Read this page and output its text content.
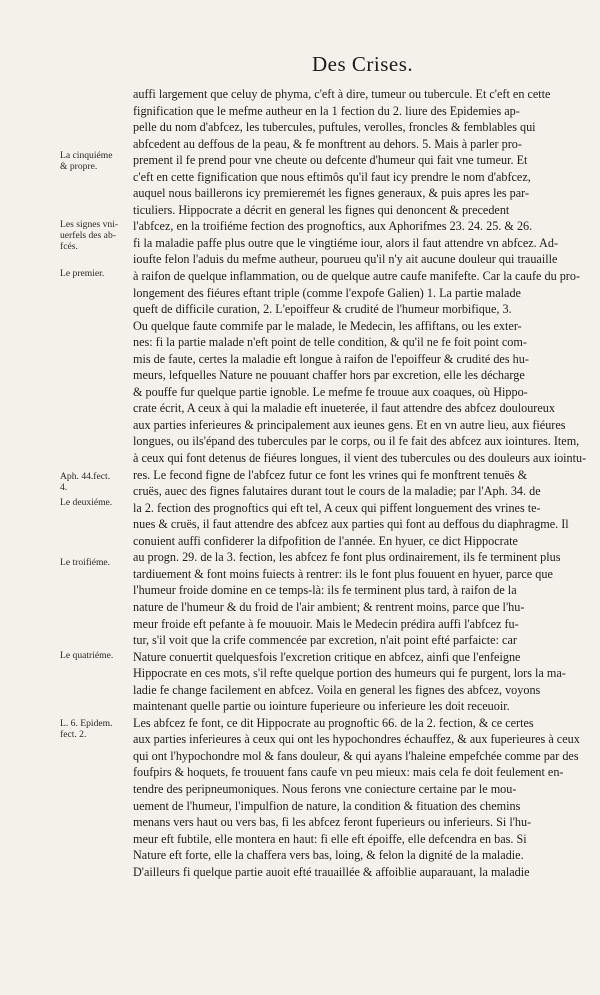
Des Crises.
La cinquiéme
& propre.
Les signes vni-
uerfels des ab-
fcés.
Le premier.
Aph. 44.fect.
4.
Le deuxiéme.
Le troifiéme.
Le quatriéme.
L. 6. Epidem.
fect. 2.
auffi largement que celuy de phyma, c'eft à dire, tumeur ou tubercule. Et c'eft en cette
fignification que le mefme autheur en la 1 fection du 2. liure des Epidemies ap-
pelle du nom d'abfcez, les tubercules, puftules, verolles, froncles & femblables qui
abfcedent au deffous de la peau, & fe monftrent au dehors. 5. Mais à parler pro-
prement il fe prend pour vne cheute ou defcente d'humeur qui fait vne tumeur. Et
c'eft en cette fignification que nous eftimôs qu'il faut icy prendre le nom d'abfcez,
auquel nous baillerons icy premieremét les fignes generaux, & puis apres les par-
ticuliers. Hippocrate a décrit en general les fignes qui denoncent & precedent
l'abfcez, en la troifiéme fection des prognoftics, aux Aphorifmes 23. 24. 25. & 26.
fi la maladie paffe plus outre que le vingtiéme iour, alors il faut attendre vn abfcez. Ad-
ioufte felon l'aduis du mefme autheur, pourueu qu'il n'y ait aucune douleur qui trauaille
à raifon de quelque inflammation, ou de quelque autre caufe manifefte. Car la caufe du pro-
longement des fiéures eftant triple (comme l'expofe Galien) 1. La partie malade
queft de difficile curation, 2. L'epoiffeur & crudité de l'humeur morbifique, 3.
Ou quelque faute commife par le malade, le Medecin, les affiftans, ou les exter-
nes: fi la partie malade n'eft point de telle condition, & qu'il ne fe foit point com-
mis de faute, certes la maladie eft longue à raifon de l'epoiffeur & crudité des hu-
meurs, lefquelles Nature ne pouuant chaffer hors par excretion, elle les décharge
& pouffe fur quelque partie ignoble. Le mefme fe trouue aux coaques, où Hippo-
crate écrit, A ceux à qui la maladie eft inueterée, il faut attendre des abfcez douloureux
aux parties inferieures & principalement aux ieunes gens. Et en vn autre lieu, aux fiéures
longues, ou ils'épand des tubercules par le corps, ou il fe fait des abfcez aux iointures. Item,
à ceux qui font detenus de fiéures longues, il vient des tubercules ou des douleurs aux iointu-
res. Le fecond figne de l'abfcez futur ce font les vrines qui fe monftrent tenuës &
cruës, auec des fignes falutaires durant tout le cours de la maladie; par l'Aph. 34. de
la 2. fection des prognoftics qui eft tel, A ceux qui piffent longuement des vrines te-
nues & cruës, il faut attendre des abfcez aux parties qui font au deffous du diaphragme. Il
conuient auffi confiderer la difpofition de l'année. En hyuer, ce dict Hippocrate
au progn. 29. de la 3. fection, les abfcez fe font plus ordinairement, ils fe terminent plus
tardiuement & font moins fuiects à rentrer: ils le font plus fouuent en hyuer, parce que
l'humeur froide domine en ce temps-là: ils fe terminent plus tard, à raifon de la
nature de l'humeur & du froid de l'air ambient; & rentrent moins, parce que l'hu-
meur froide eft pefante à fe mouuoir. Mais le Medecin prédira auffi l'abfcez fu-
tur, s'il voit que la crife commencée par excretion, n'ait point efté parfaicte: car
Nature conuertit quelquesfois l'excretion critique en abfcez, ainfi que l'enfeigne
Hippocrate en ces mots, s'il refte quelque portion des humeurs qui fe purgent, lors la ma-
ladie fe change facilement en abfcez. Voila en general les fignes des abfcez, voyons
maintenant quelle partie ou iointure fuperieure ou inferieure les doit receuoir.
Les abfcez fe font, ce dit Hippocrate au prognoftic 66. de la 2. fection, & ce certes
aux parties inferieures à ceux qui ont les hypochondres échauffez, & aux fuperieures à ceux
qui ont l'hypochondre mol & fans douleur, & qui ayans l'haleine empefchée comme par des
foufpirs & hoquets, fe trouuent fans caufe vn peu mieux: mais cela fe doit feulement en-
tendre des peripneumoniques. Nous ferons vne coniecture certaine par le mou-
uement de l'humeur, l'impulfion de nature, la condition & fituation des chemins
menans vers haut ou vers bas, fi les abfcez feront fuperieurs ou inferieurs. Si l'hu-
meur eft fubtile, elle montera en haut: fi elle eft époiffe, elle defcendra en bas. Si
Nature eft forte, elle la chaffera vers bas, loing, & felon la dignité de la maladie.
D'ailleurs fi quelque partie auoit efté trauaillée & affoiblie auparauant, la maladie
